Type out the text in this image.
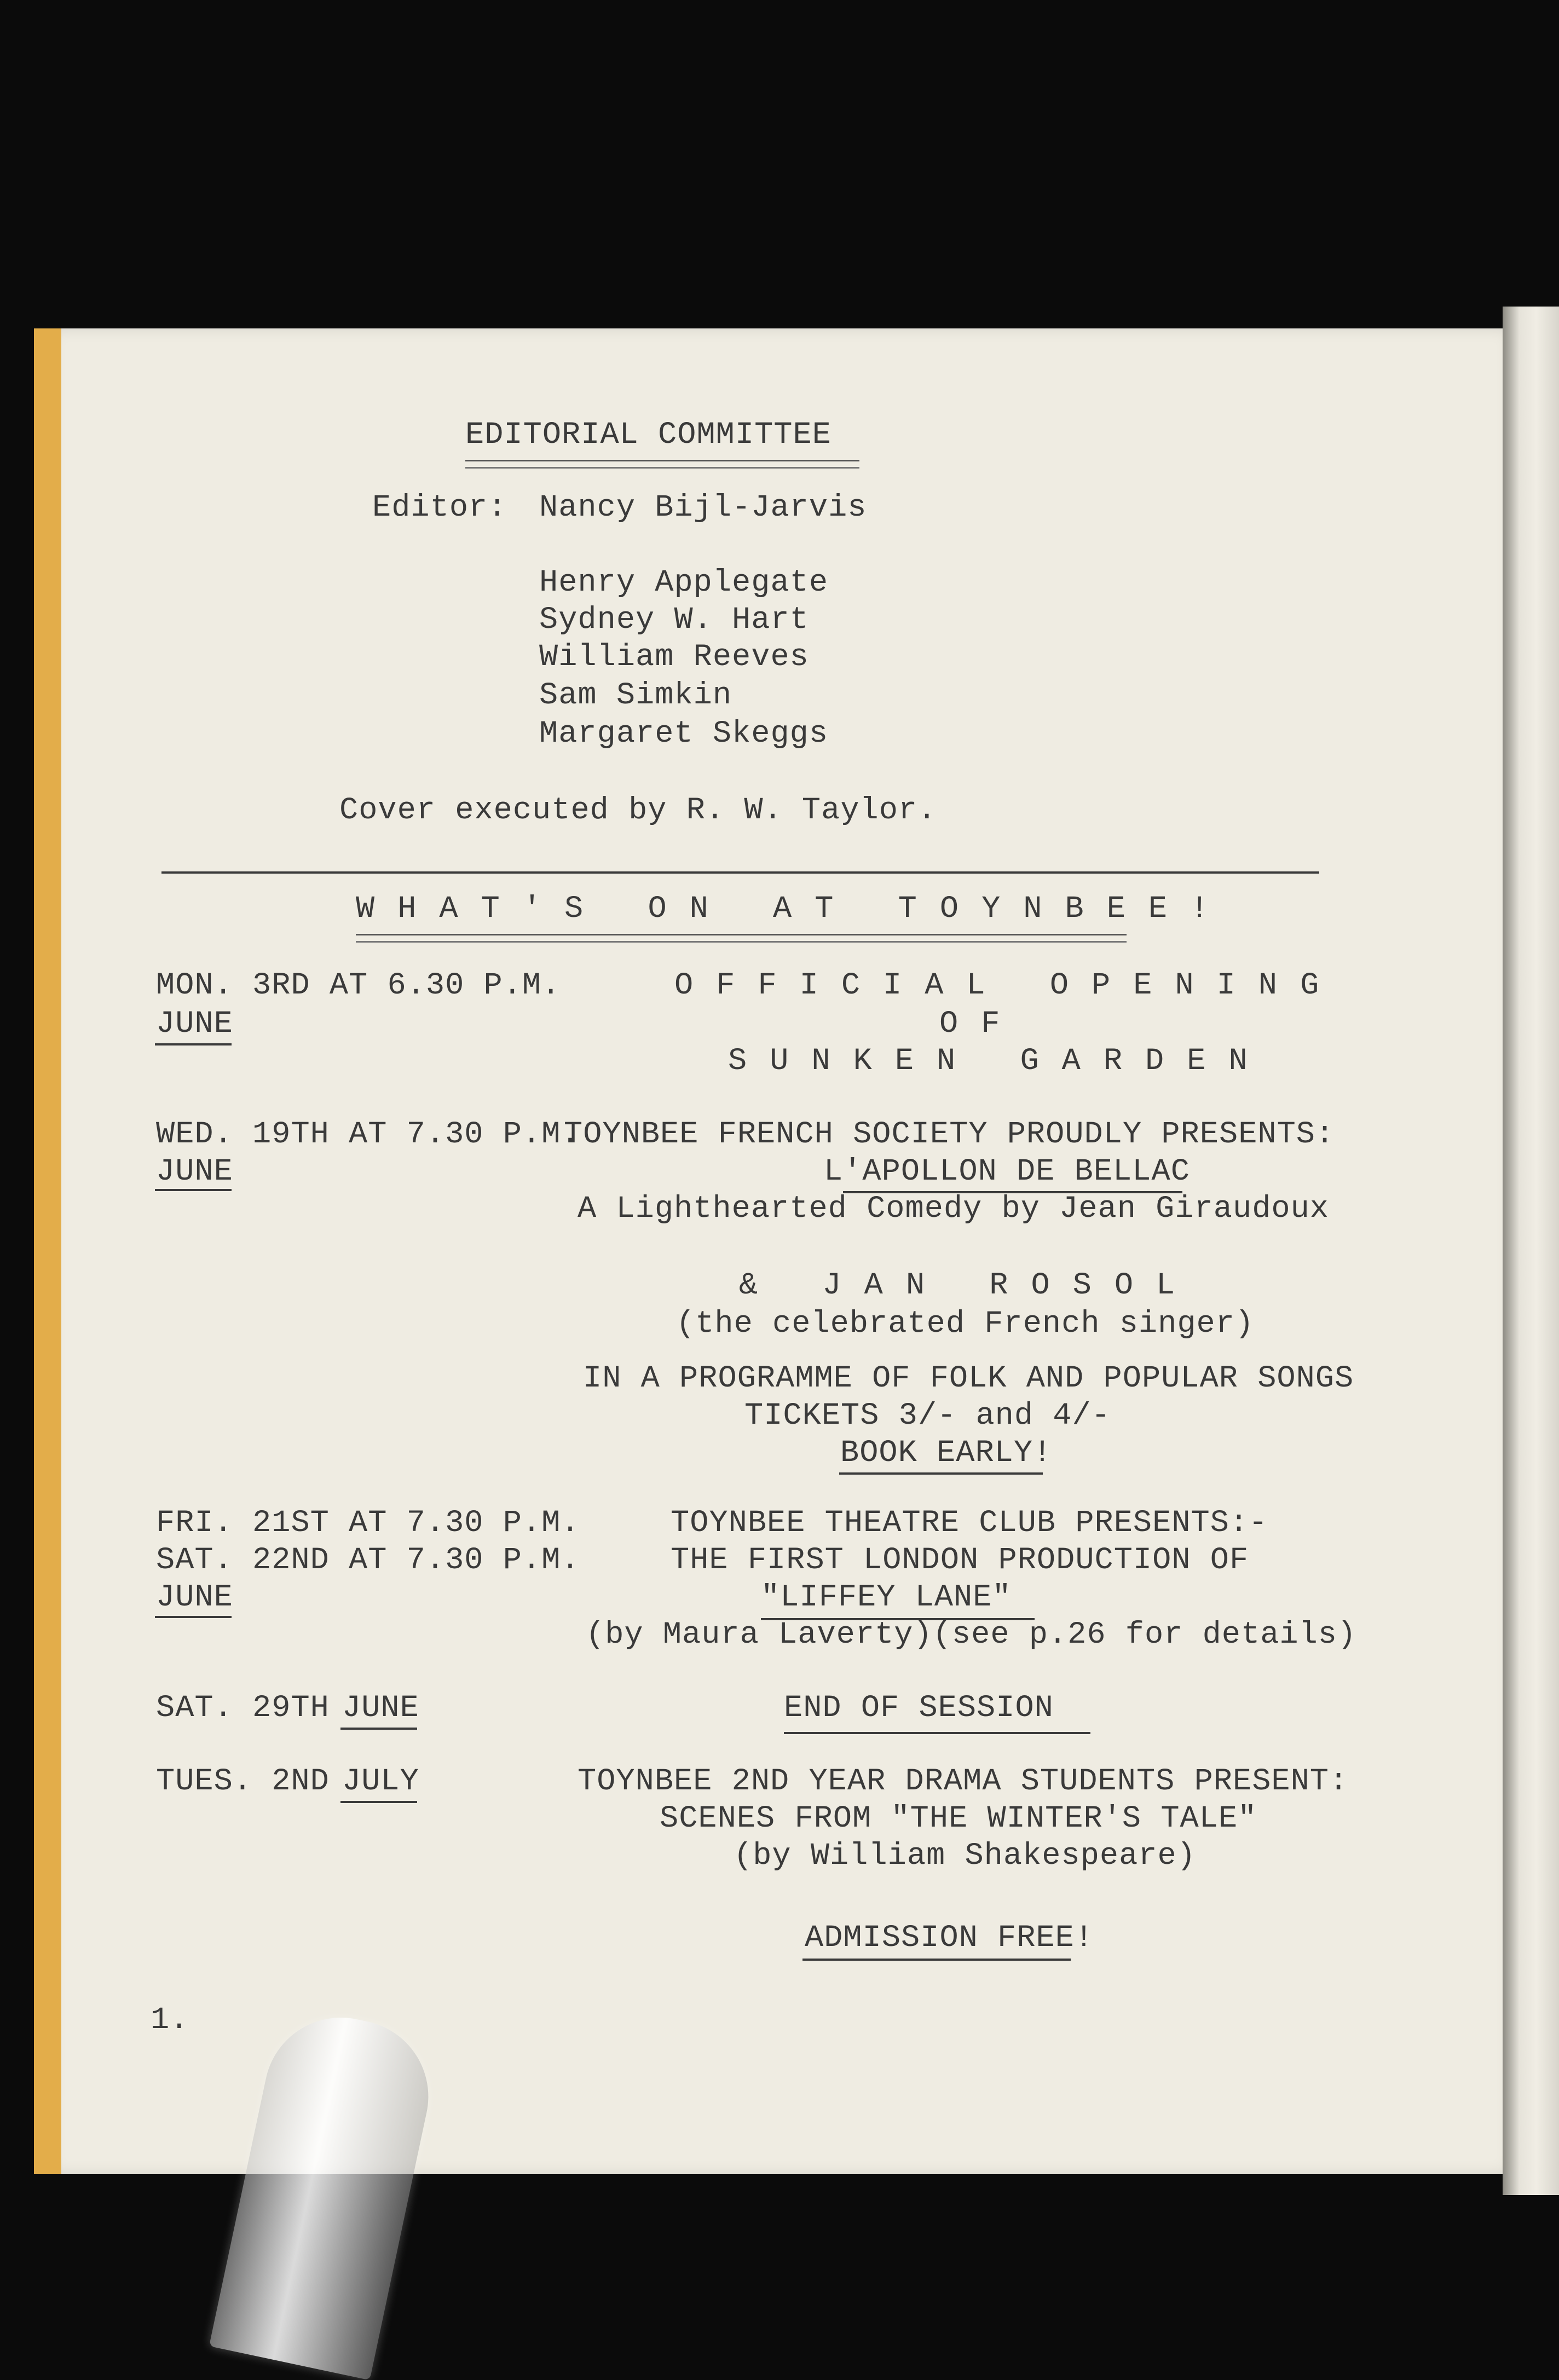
EDITORIAL COMMITTEE
Editor: Nancy Bijl-Jarvis
Henry Applegate
Sydney W. Hart
William Reeves
Sam Simkin
Margaret Skeggs
Cover executed by R. W. Taylor.
WHAT'S ON AT TOYNBEE!
MON. 3RD AT 6.30 P.M.
JUNE
OFFICIAL OPENING
OF
SUNKEN GARDEN
WED. 19TH AT 7.30 P.M.
JUNE
TOYNBEE FRENCH SOCIETY PROUDLY PRESENTS:
L'APOLLON DE BELLAC
A Lighthearted Comedy by Jean Giraudoux
& JAN ROSOL
(the celebrated French singer)
IN A PROGRAMME OF FOLK AND POPULAR SONGS
TICKETS 3/- and 4/-
BOOK EARLY!
FRI. 21ST AT 7.30 P.M.
SAT. 22ND AT 7.30 P.M.
JUNE
TOYNBEE THEATRE CLUB PRESENTS:-
THE FIRST LONDON PRODUCTION OF
"LIFFEY LANE"
(by Maura Laverty)(see p.26 for details)
SAT. 29TH JUNE	END OF SESSION
TUES. 2ND JULY	TOYNBEE 2ND YEAR DRAMA STUDENTS PRESENT:
SCENES FROM "THE WINTER'S TALE"
(by William Shakespeare)
ADMISSION FREE!
1.
